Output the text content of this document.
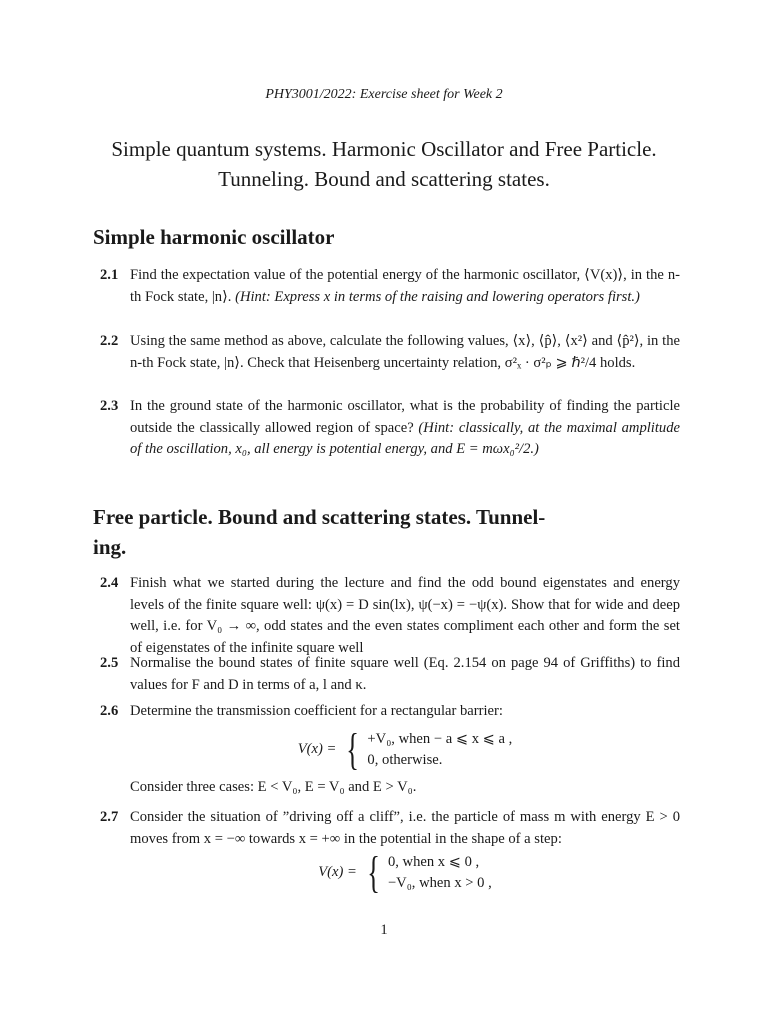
PHY3001/2022: Exercise sheet for Week 2
Simple quantum systems. Harmonic Oscillator and Free Particle.
Tunneling. Bound and scattering states.
Simple harmonic oscillator
2.1 Find the expectation value of the potential energy of the harmonic oscillator, ⟨V(x)⟩, in the n-th Fock state, |n⟩. (Hint: Express x in terms of the raising and lowering operators first.)
2.2 Using the same method as above, calculate the following values, ⟨x⟩, ⟨p̂⟩, ⟨x²⟩ and ⟨p̂²⟩, in the n-th Fock state, |n⟩. Check that Heisenberg uncertainty relation, σ²ₓ · σ²ₚ ⩾ ℏ²/4 holds.
2.3 In the ground state of the harmonic oscillator, what is the probability of finding the particle outside the classically allowed region of space? (Hint: classically, at the maximal amplitude of the oscillation, x₀, all energy is potential energy, and E = mωx₀²/2.)
Free particle. Bound and scattering states. Tunnel-
ing.
2.4 Finish what we started during the lecture and find the odd bound eigenstates and energy levels of the finite square well: ψ(x) = D sin(lx), ψ(−x) = −ψ(x). Show that for wide and deep well, i.e. for V₀ → ∞, odd states and the even states compliment each other and form the set of eigenstates of the infinite square well
2.5 Normalise the bound states of finite square well (Eq. 2.154 on page 94 of Griffiths) to find values for F and D in terms of a, l and κ.
2.6 Determine the transmission coefficient for a rectangular barrier:
V(x) = { +V₀, when − a ⩽ x ⩽ a ,
0, otherwise.
Consider three cases: E < V₀, E = V₀ and E > V₀.
2.7 Consider the situation of ”driving off a cliff”, i.e. the particle of mass m with energy E > 0 moves from x = −∞ towards x = +∞ in the potential in the shape of a step:
V(x) = { 0, when x ⩽ 0 ,
−V₀, when x > 0 ,
1
